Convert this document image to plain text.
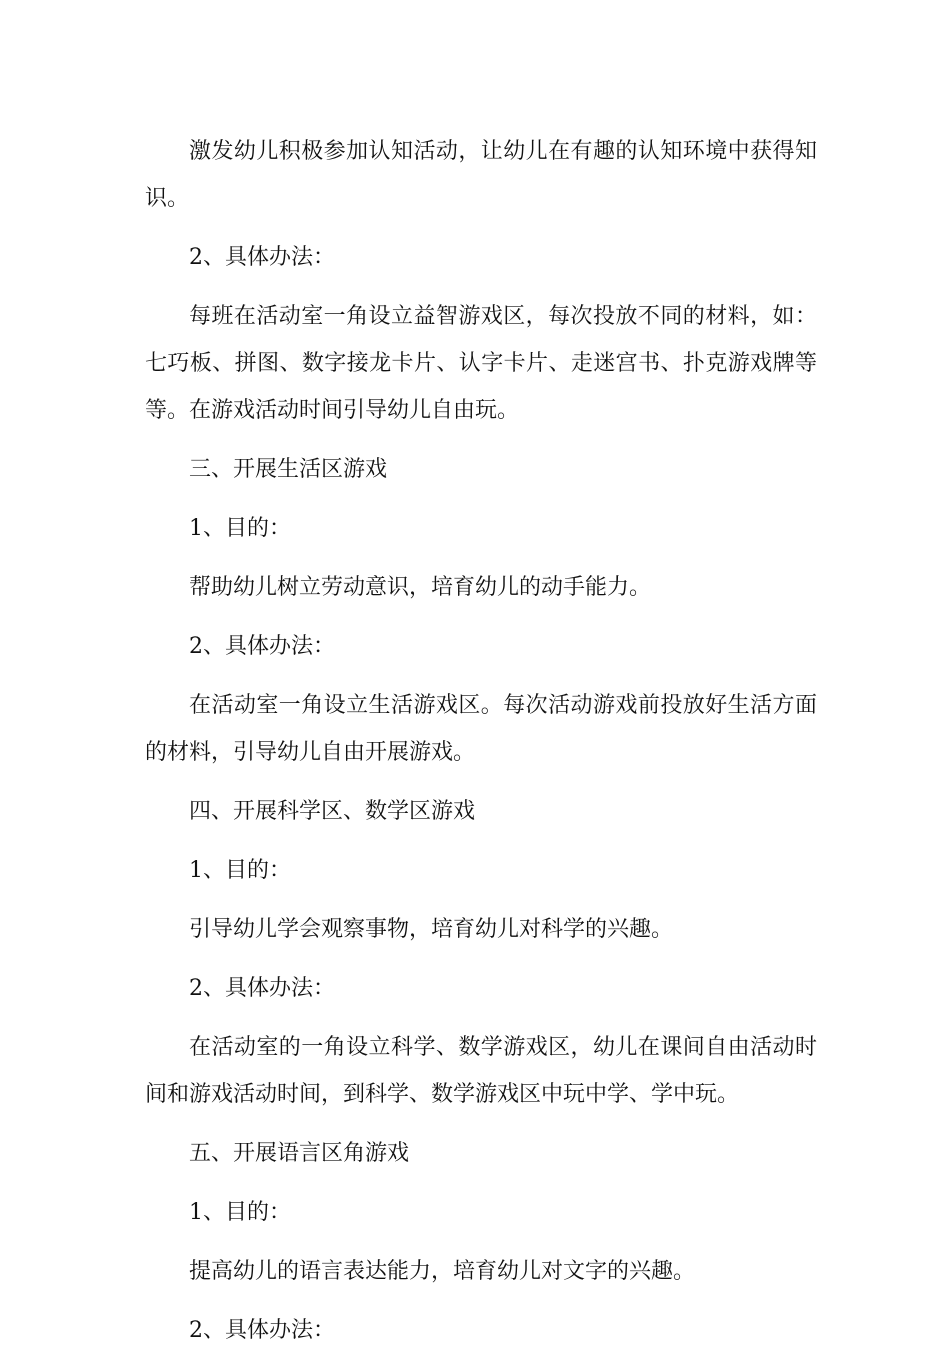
激发幼儿积极参加认知活动，让幼儿在有趣的认知环境中获得知识。

2、具体办法：

每班在活动室一角设立益智游戏区，每次投放不同的材料，如：七巧板、拼图、数字接龙卡片、认字卡片、走迷宫书、扑克游戏牌等等。在游戏活动时间引导幼儿自由玩。

三、开展生活区游戏

1、目的：

帮助幼儿树立劳动意识，培育幼儿的动手能力。

2、具体办法：

在活动室一角设立生活游戏区。每次活动游戏前投放好生活方面的材料，引导幼儿自由开展游戏。

四、开展科学区、数学区游戏

1、目的：

引导幼儿学会观察事物，培育幼儿对科学的兴趣。

2、具体办法：

在活动室的一角设立科学、数学游戏区，幼儿在课间自由活动时间和游戏活动时间，到科学、数学游戏区中玩中学、学中玩。

五、开展语言区角游戏

1、目的：

提高幼儿的语言表达能力，培育幼儿对文字的兴趣。

2、具体办法：
